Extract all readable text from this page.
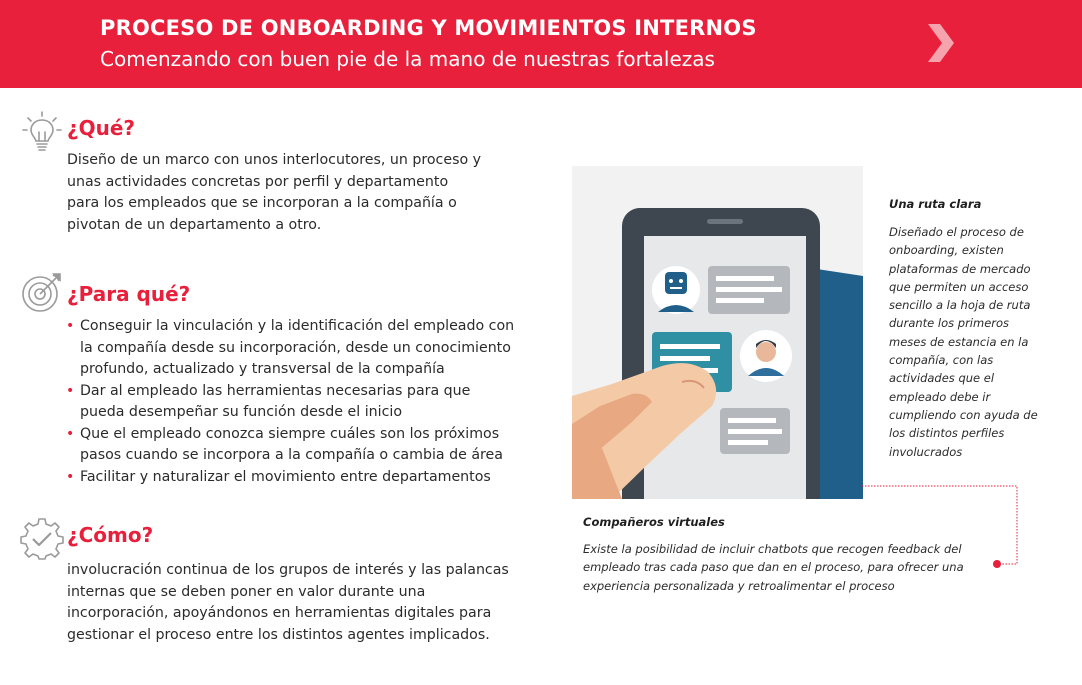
PROCESO DE ONBOARDING Y MOVIMIENTOS INTERNOS
Comenzando con buen pie de la mano de nuestras fortalezas
¿Qué?
Diseño de un marco con unos interlocutores, un proceso y
unas actividades concretas por perfil y departamento
para los empleados que se incorporan a la compañía o
pivotan de un departamento a otro.
¿Para qué?
• Conseguir la vinculación y la identificación del empleado con
la compañía desde su incorporación, desde un conocimiento
profundo, actualizado y transversal de la compañía
• Dar al empleado las herramientas necesarias para que
pueda desempeñar su función desde el inicio
• Que el empleado conozca siempre cuáles son los próximos
pasos cuando se incorpora a la compañía o cambia de área
• Facilitar y naturalizar el movimiento entre departamentos
¿Cómo?
involucración continua de los grupos de interés y las palancas
internas que se deben poner en valor durante una
incorporación, apoyándonos en herramientas digitales para
gestionar el proceso entre los distintos agentes implicados.
Una ruta clara
Diseñado el proceso de
onboarding, existen
plataformas de mercado
que permiten un acceso
sencillo a la hoja de ruta
durante los primeros
meses de estancia en la
compañía, con las
actividades que el
empleado debe ir
cumpliendo con ayuda de
los distintos perfiles
involucrados
Compañeros virtuales
Existe la posibilidad de incluir chatbots que recogen feedback del
empleado tras cada paso que dan en el proceso, para ofrecer una
experiencia personalizada y retroalimentar el proceso
